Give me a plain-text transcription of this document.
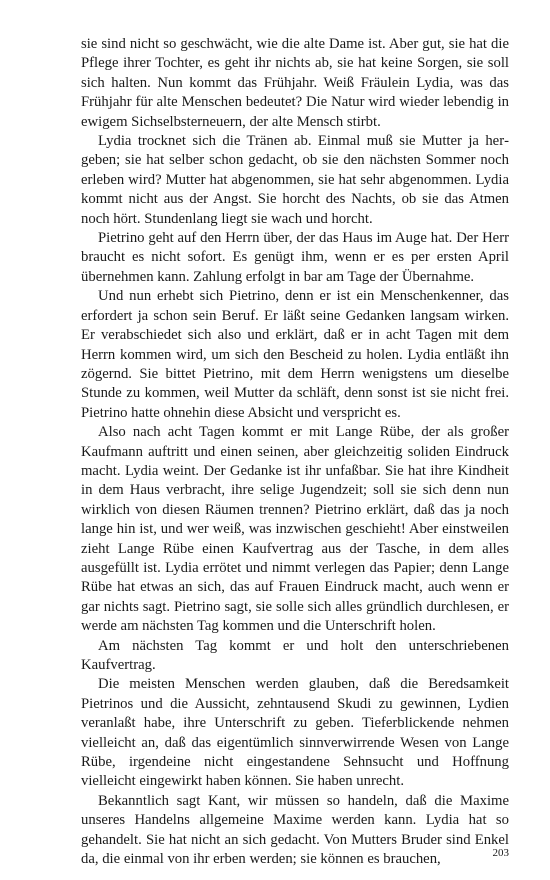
sie sind nicht so geschwächt, wie die alte Dame ist. Aber gut, sie hat die Pflege ihrer Tochter, es geht ihr nichts ab, sie hat keine Sorgen, sie soll sich halten. Nun kommt das Frühjahr. Weiß Fräulein Lydia, was das Frühjahr für alte Menschen bedeutet? Die Natur wird wieder lebendig in ewigem Sichselbsterneuern, der alte Mensch stirbt.

Lydia trocknet sich die Tränen ab. Einmal muß sie Mutter ja hergeben; sie hat selber schon gedacht, ob sie den nächsten Sommer noch erleben wird? Mutter hat abgenommen, sie hat sehr abgenommen. Lydia kommt nicht aus der Angst. Sie horcht des Nachts, ob sie das Atmen noch hört. Stundenlang liegt sie wach und horcht.

Pietrino geht auf den Herrn über, der das Haus im Auge hat. Der Herr braucht es nicht sofort. Es genügt ihm, wenn er es per ersten April übernehmen kann. Zahlung erfolgt in bar am Tage der Übernahme.

Und nun erhebt sich Pietrino, denn er ist ein Menschenkenner, das erfordert ja schon sein Beruf. Er läßt seine Gedanken langsam wirken. Er verabschiedet sich also und erklärt, daß er in acht Tagen mit dem Herrn kommen wird, um sich den Bescheid zu holen. Lydia entläßt ihn zögernd. Sie bittet Pietrino, mit dem Herrn wenigstens um dieselbe Stunde zu kommen, weil Mutter da schläft, denn sonst ist sie nicht frei. Pietrino hatte ohnehin diese Absicht und verspricht es.

Also nach acht Tagen kommt er mit Lange Rübe, der als großer Kaufmann auftritt und einen seinen, aber gleichzeitig soliden Eindruck macht. Lydia weint. Der Gedanke ist ihr unfaßbar. Sie hat ihre Kindheit in dem Haus verbracht, ihre selige Jugendzeit; soll sie sich denn nun wirklich von diesen Räumen trennen? Pietrino erklärt, daß das ja noch lange hin ist, und wer weiß, was inzwischen geschieht! Aber einstweilen zieht Lange Rübe einen Kaufvertrag aus der Tasche, in dem alles ausgefüllt ist. Lydia errötet und nimmt verlegen das Papier; denn Lange Rübe hat etwas an sich, das auf Frauen Eindruck macht, auch wenn er gar nichts sagt. Pietrino sagt, sie solle sich alles gründlich durchlesen, er werde am nächsten Tag kommen und die Unterschrift holen.

Am nächsten Tag kommt er und holt den unterschriebenen Kaufvertrag.

Die meisten Menschen werden glauben, daß die Beredsamkeit Pietrinos und die Aussicht, zehntausend Skudi zu gewinnen, Lydien veranlaßt habe, ihre Unterschrift zu geben. Tieferblickende nehmen vielleicht an, daß das eigentümlich sinnverwirrende Wesen von Lange Rübe, irgendeine nicht eingestandene Sehnsucht und Hoffnung vielleicht eingewirkt haben können. Sie haben unrecht.

Bekanntlich sagt Kant, wir müssen so handeln, daß die Maxime unseres Handelns allgemeine Maxime werden kann. Lydia hat so gehandelt. Sie hat nicht an sich gedacht. Von Mutters Bruder sind Enkel da, die einmal von ihr erben werden; sie können es brauchen,	203
